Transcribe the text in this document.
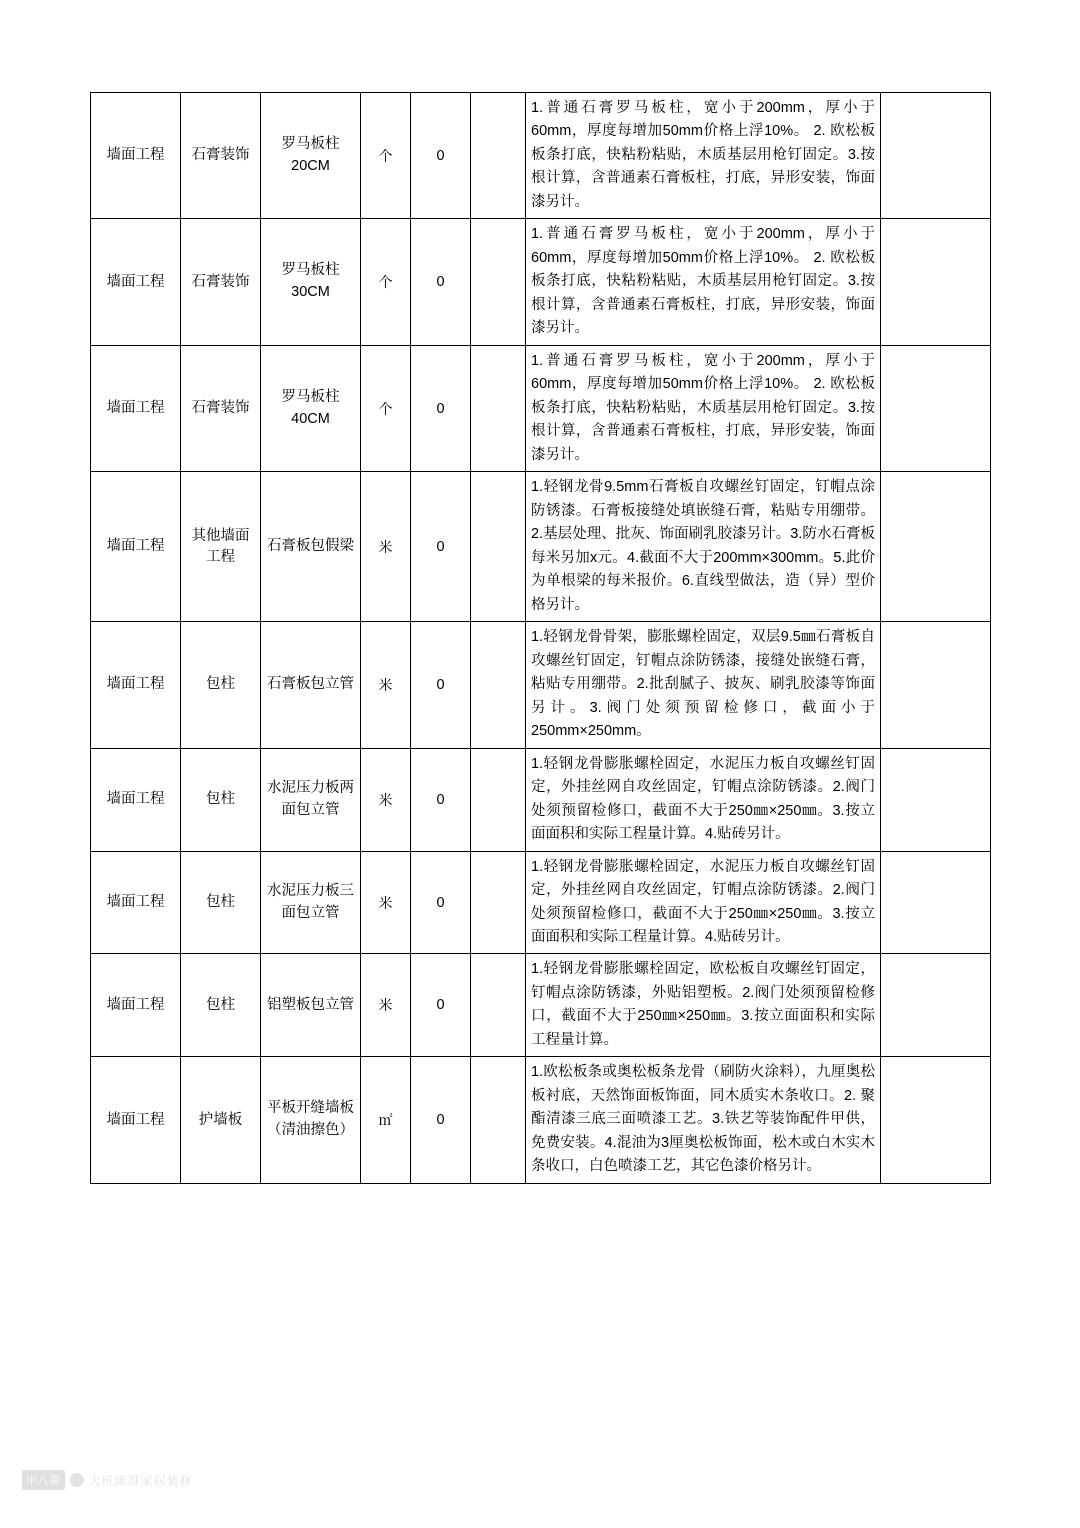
墙面工程	石膏装饰	罗马板柱20CM	个	0		1.普通石膏罗马板柱，宽小于200mm，厚小于60mm，厚度每增加50mm价格上浮10%。 2. 欧松板板条打底，快粘粉粘贴，木质基层用枪钉固定。3.按根计算，含普通素石膏板柱，打底，异形安装，饰面漆另计。	
墙面工程	石膏装饰	罗马板柱30CM	个	0		1.普通石膏罗马板柱，宽小于200mm，厚小于60mm，厚度每增加50mm价格上浮10%。 2. 欧松板板条打底，快粘粉粘贴，木质基层用枪钉固定。3.按根计算，含普通素石膏板柱，打底，异形安装，饰面漆另计。	
墙面工程	石膏装饰	罗马板柱40CM	个	0		1.普通石膏罗马板柱，宽小于200mm，厚小于60mm，厚度每增加50mm价格上浮10%。 2. 欧松板板条打底，快粘粉粘贴，木质基层用枪钉固定。3.按根计算，含普通素石膏板柱，打底，异形安装，饰面漆另计。	
墙面工程	其他墙面工程	石膏板包假梁	米	0		1.轻钢龙骨9.5mm石膏板自攻螺丝钉固定，钉帽点涂防锈漆。石膏板接缝处填嵌缝石膏，粘贴专用绷带。2.基层处理、批灰、饰面刷乳胶漆另计。3.防水石膏板每米另加x元。4.截面不大于200mm×300mm。5.此价为单根梁的每米报价。6.直线型做法，造（异）型价格另计。	
墙面工程	包柱	石膏板包立管	米	0		1.轻钢龙骨骨架，膨胀螺栓固定，双层9.5㎜石膏板自攻螺丝钉固定，钉帽点涂防锈漆，接缝处嵌缝石膏，粘贴专用绷带。2.批刮腻子、披灰、刷乳胶漆等饰面另计。3.阀门处须预留检修口，截面小于250mm×250mm。	
墙面工程	包柱	水泥压力板两面包立管	米	0		1.轻钢龙骨膨胀螺栓固定，水泥压力板自攻螺丝钉固定，外挂丝网自攻丝固定，钉帽点涂防锈漆。2.阀门处须预留检修口，截面不大于250㎜×250㎜。3.按立面面积和实际工程量计算。4.贴砖另计。	
墙面工程	包柱	水泥压力板三面包立管	米	0		1.轻钢龙骨膨胀螺栓固定，水泥压力板自攻螺丝钉固定，外挂丝网自攻丝固定，钉帽点涂防锈漆。2.阀门处须预留检修口，截面不大于250㎜×250㎜。3.按立面面积和实际工程量计算。4.贴砖另计。	
墙面工程	包柱	铝塑板包立管	米	0		1.轻钢龙骨膨胀螺栓固定，欧松板自攻螺丝钉固定，钉帽点涂防锈漆，外贴铝塑板。2.阀门处须预留检修口，截面不大于250㎜×250㎜。3.按立面面积和实际工程量计算。	
墙面工程	护墙板	平板开缝墙板（清油擦色）	㎡	0		1.欧松板条或奥松板条龙骨（刷防火涂料），九厘奥松板衬底，天然饰面板饰面，同木质实木条收口。2. 聚酯清漆三底三面喷漆工艺。3.铁艺等装饰配件甲供，免费安装。4.混油为3厘奥松板饰面，松木或白木实木条收口，白色喷漆工艺，其它色漆价格另计。	
申八哥	大班康哥家居装修
